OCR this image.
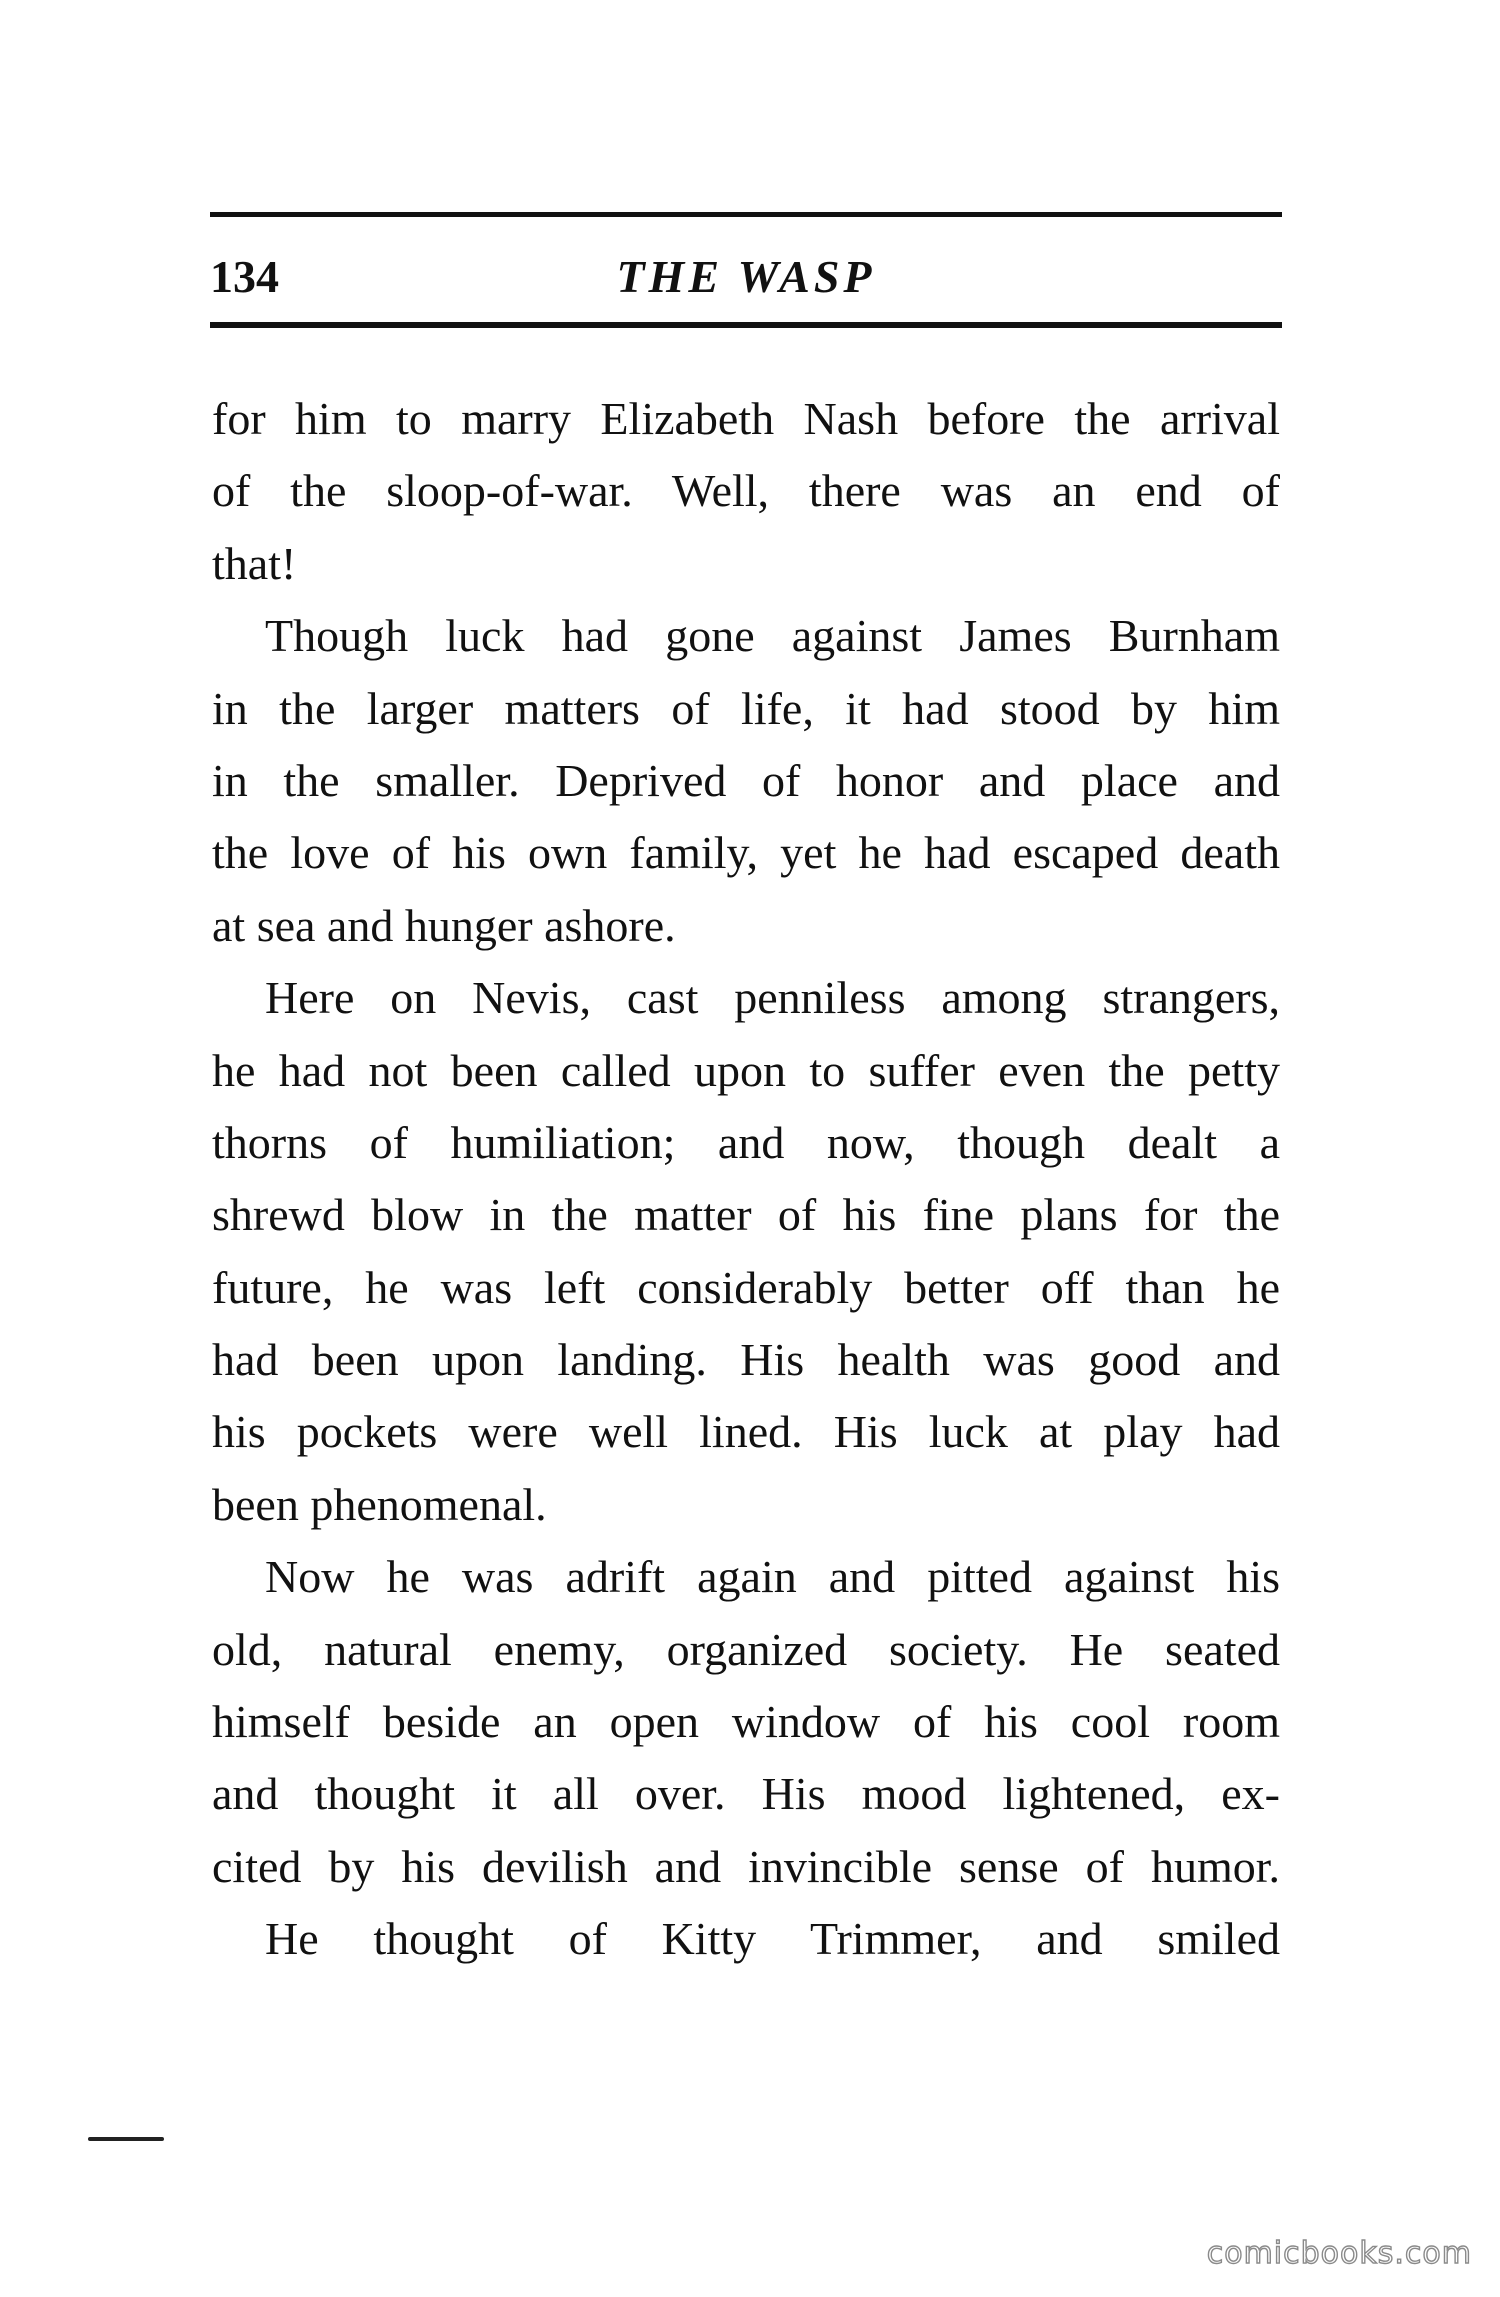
134	THE WASP
for him to marry Elizabeth Nash before the arrival
of the sloop-of-war. Well, there was an end of
that!
Though luck had gone against James Burnham
in the larger matters of life, it had stood by him
in the smaller. Deprived of honor and place and
the love of his own family, yet he had escaped death
at sea and hunger ashore.
Here on Nevis, cast penniless among strangers,
he had not been called upon to suffer even the petty
thorns of humiliation; and now, though dealt a
shrewd blow in the matter of his fine plans for the
future, he was left considerably better off than he
had been upon landing. His health was good and
his pockets were well lined. His luck at play had
been phenomenal.
Now he was adrift again and pitted against his
old, natural enemy, organized society. He seated
himself beside an open window of his cool room
and thought it all over. His mood lightened, ex-
cited by his devilish and invincible sense of humor.
He thought of Kitty Trimmer, and smiled
comicbooks.com
